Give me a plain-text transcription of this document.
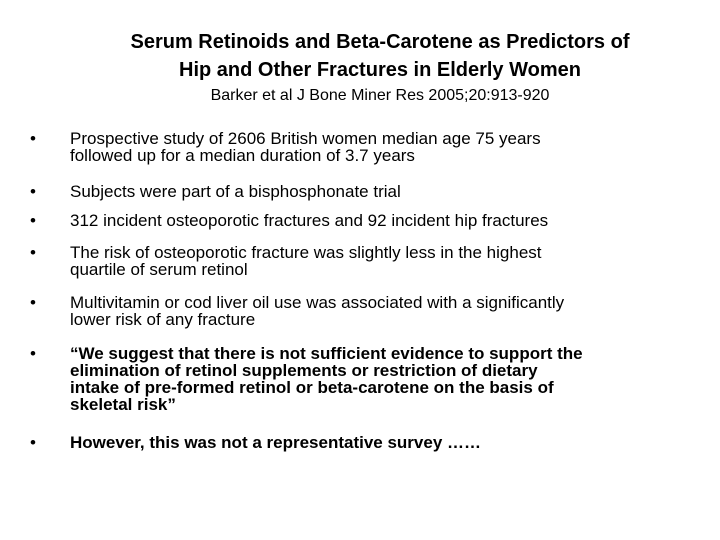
Serum Retinoids and Beta-Carotene as Predictors of
Hip and Other Fractures in Elderly Women
Barker et al J Bone Miner Res 2005;20:913-920
•	Prospective study of 2606 British women median age 75 years
followed up for a median duration of 3.7 years
•	Subjects were part of a bisphosphonate trial
•	312 incident osteoporotic fractures and 92 incident hip fractures
•	The risk of osteoporotic fracture was slightly less in the highest
quartile of serum retinol
•	Multivitamin or cod liver oil use was associated with a significantly
lower risk of any fracture
•	“We suggest that there is not sufficient evidence to support the
elimination of retinol supplements or restriction of dietary
intake of pre-formed retinol or beta-carotene on the basis of
skeletal risk”
•	However, this was not a representative survey ……
